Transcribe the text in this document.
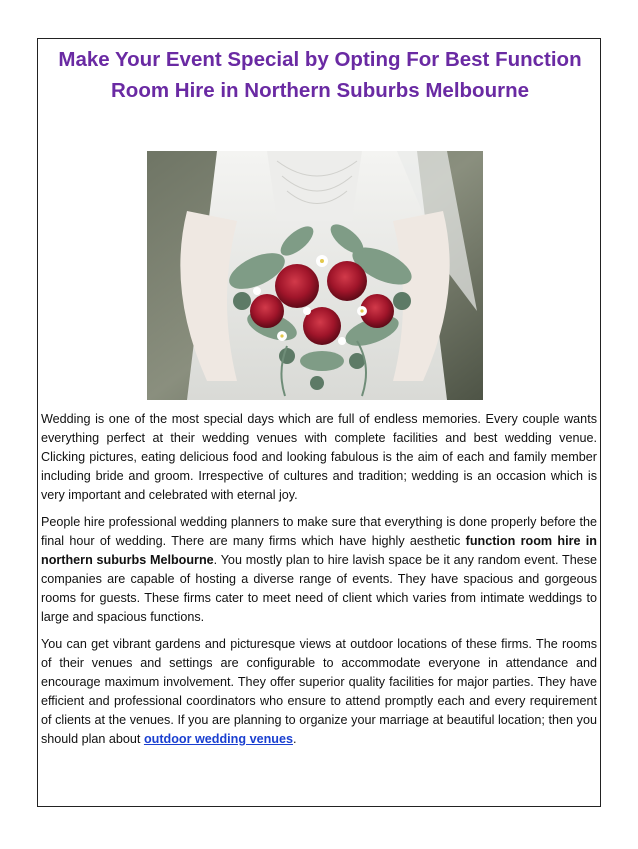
Make Your Event Special by Opting For Best Function Room Hire in Northern Suburbs Melbourne

Wedding is one of the most special days which are full of endless memories. Every couple wants everything perfect at their wedding venues with complete facilities and best wedding venue. Clicking pictures, eating delicious food and looking fabulous is the aim of each and family member including bride and groom. Irrespective of cultures and tradition; wedding is an occasion which is very important and celebrated with eternal joy.

People hire professional wedding planners to make sure that everything is done properly before the final hour of wedding. There are many firms which have highly aesthetic function room hire in northern suburbs Melbourne. You mostly plan to hire lavish space be it any random event. These companies are capable of hosting a diverse range of events. They have spacious and gorgeous rooms for guests. These firms cater to meet need of client which varies from intimate weddings to large and spacious functions.

You can get vibrant gardens and picturesque views at outdoor locations of these firms. The rooms of their venues and settings are configurable to accommodate everyone in attendance and encourage maximum involvement. They offer superior quality facilities for major parties. They have efficient and professional coordinators who ensure to attend promptly each and every requirement of clients at the venues. If you are planning to organize your marriage at beautiful location; then you should plan about outdoor wedding venues.
